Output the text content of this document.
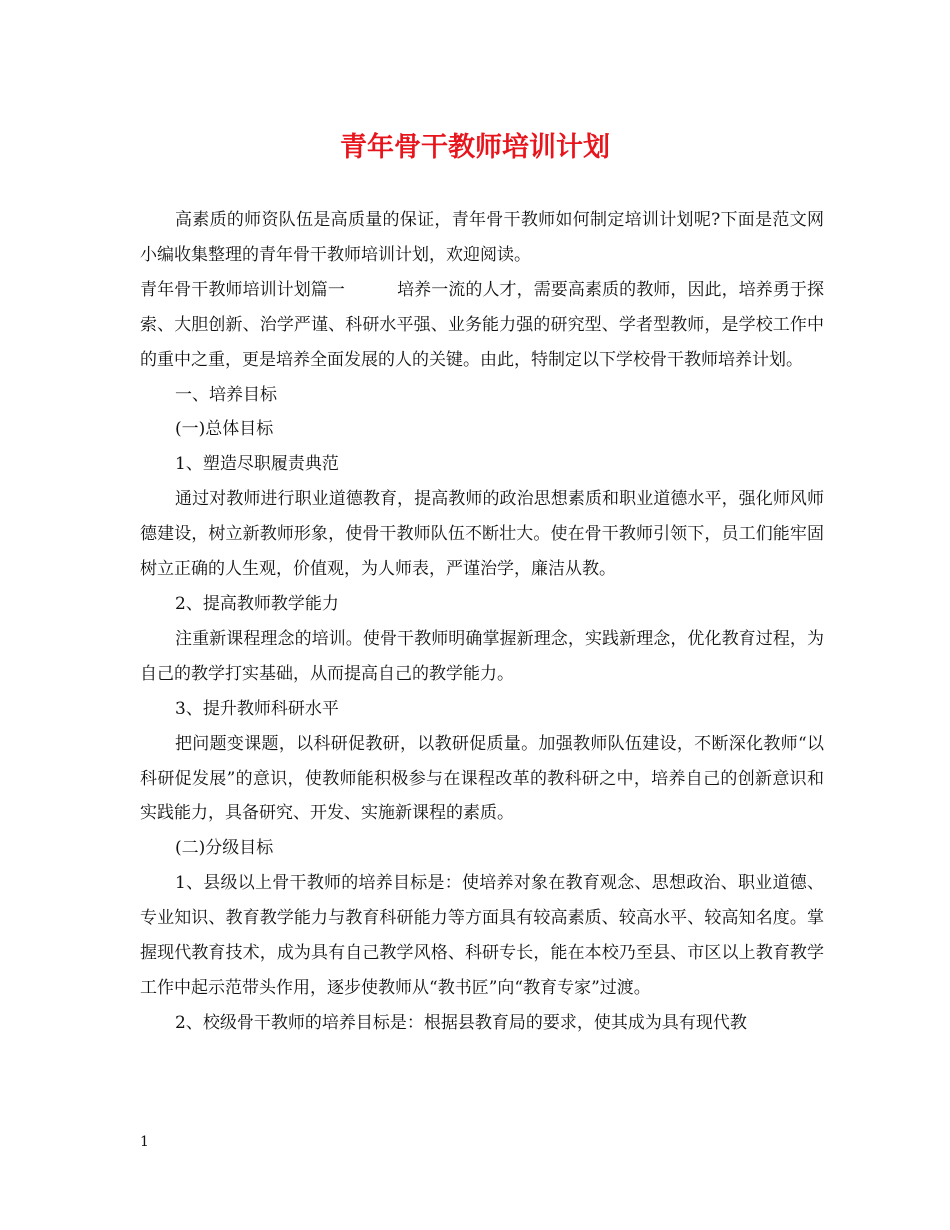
青年骨干教师培训计划

高素质的师资队伍是高质量的保证，青年骨干教师如何制定培训计划呢?下面是范文网小编收集整理的青年骨干教师培训计划，欢迎阅读。

青年骨干教师培训计划篇一	培养一流的人才，需要高素质的教师，因此，培养勇于探索、大胆创新、治学严谨、科研水平强、业务能力强的研究型、学者型教师，是学校工作中的重中之重，更是培养全面发展的人的关键。由此，特制定以下学校骨干教师培养计划。

一、培养目标

(一)总体目标

1、塑造尽职履责典范

通过对教师进行职业道德教育，提高教师的政治思想素质和职业道德水平，强化师风师德建设，树立新教师形象，使骨干教师队伍不断壮大。使在骨干教师引领下，员工们能牢固树立正确的人生观，价值观，为人师表，严谨治学，廉洁从教。

2、提高教师教学能力

注重新课程理念的培训。使骨干教师明确掌握新理念，实践新理念，优化教育过程，为自己的教学打实基础，从而提高自己的教学能力。

3、提升教师科研水平

把问题变课题，以科研促教研，以教研促质量。加强教师队伍建设，不断深化教师“以科研促发展”的意识，使教师能积极参与在课程改革的教科研之中，培养自己的创新意识和实践能力，具备研究、开发、实施新课程的素质。

(二)分级目标

1、县级以上骨干教师的培养目标是：使培养对象在教育观念、思想政治、职业道德、专业知识、教育教学能力与教育科研能力等方面具有较高素质、较高水平、较高知名度。掌握现代教育技术，成为具有自己教学风格、科研专长，能在本校乃至县、市区以上教育教学工作中起示范带头作用，逐步使教师从“教书匠”向“教育专家”过渡。

2、校级骨干教师的培养目标是：根据县教育局的要求，使其成为具有现代教

1
